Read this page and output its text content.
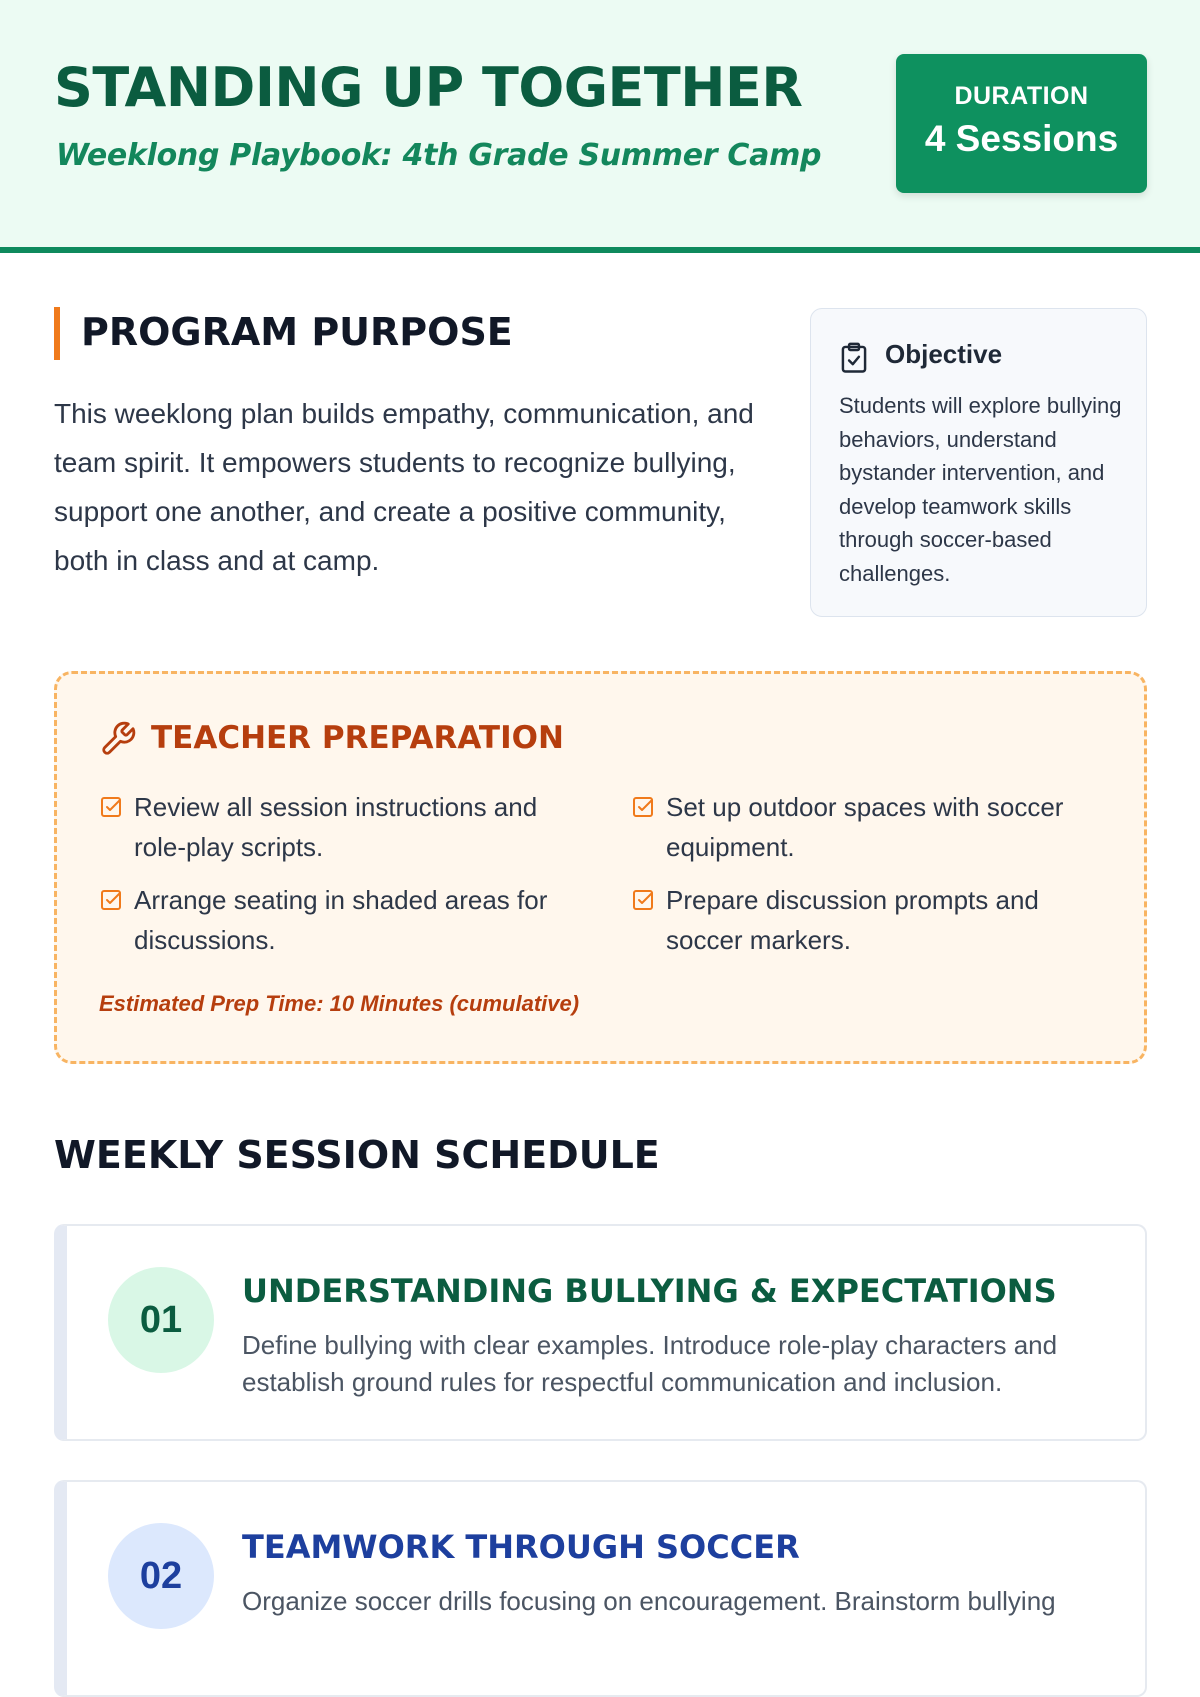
STANDING UP TOGETHER
Weeklong Playbook: 4th Grade Summer Camp
DURATION
4 Sessions
PROGRAM PURPOSE
This weeklong plan builds empathy, communication, and team spirit. It empowers students to recognize bullying, support one another, and create a positive community, both in class and at camp.
Objective
Students will explore bullying behaviors, understand bystander intervention, and develop teamwork skills through soccer-based challenges.
TEACHER PREPARATION
Review all session instructions and role-play scripts.
Set up outdoor spaces with soccer equipment.
Arrange seating in shaded areas for discussions.
Prepare discussion prompts and soccer markers.
Estimated Prep Time: 10 Minutes (cumulative)
WEEKLY SESSION SCHEDULE
01
UNDERSTANDING BULLYING & EXPECTATIONS
Define bullying with clear examples. Introduce role-play characters and establish ground rules for respectful communication and inclusion.
02
TEAMWORK THROUGH SOCCER
Organize soccer drills focusing on encouragement. Brainstorm bullying
